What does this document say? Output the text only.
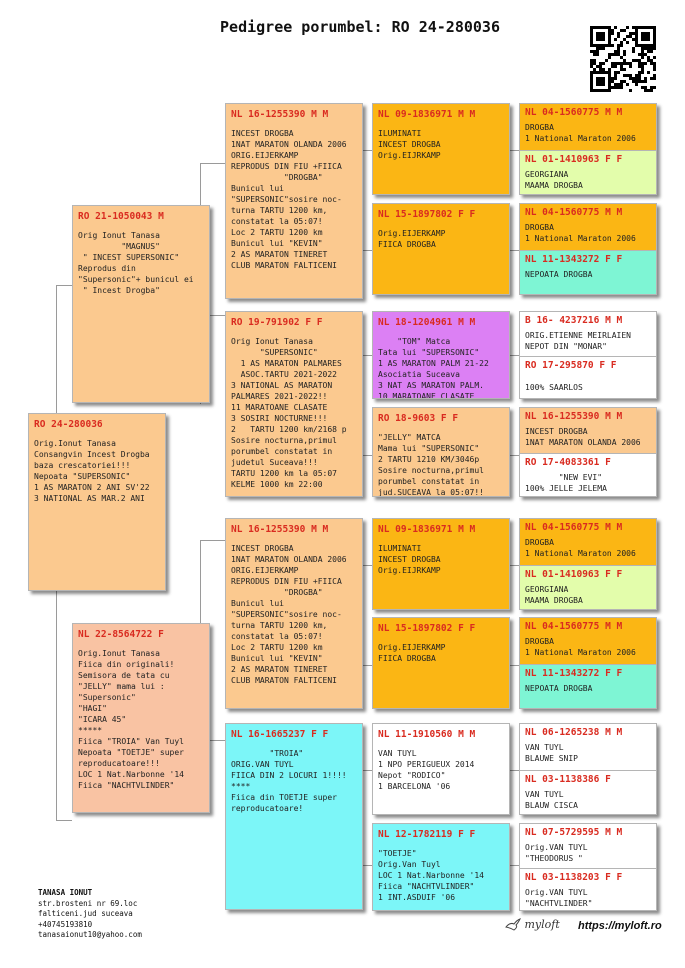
Pedigree porumbel: RO 24-280036
RO 24-280036
Orig.Ionut Tanasa
Consangvin Incest Drogba
baza crescatoriei!!!
Nepoata "SUPERSONIC"
1 AS MARATON 2 ANI SV'22
3 NATIONAL AS MAR.2 ANI
RO 21-1050043 M
Orig Ionut Tanasa
"MAGNUS"
" INCEST SUPERSONIC"
Reprodus din
"Supersonic"+ bunicul ei
" Incest Drogba"
NL 22-8564722 F
Orig.Ionut Tanasa
Fiica din originali!
Semisora de tata cu
"JELLY" mama lui :
"Supersonic"
"HAGI"
"ICARA 45"
*****
Fiica "TROIA" Van Tuyl
Nepoata "TOETJE" super
reproducatoare!!!
LOC 1 Nat.Narbonne '14
Fiica "NACHTVLINDER"
NL 16-1255390 M M
INCEST DROGBA
1NAT MARATON OLANDA 2006
ORIG.EIJERKAMP
REPRODUS DIN FIU +FIICA
"DROGBA"
Bunicul lui
"SUPERSONIC"sosire noc-
turna TARTU 1200 km,
constatat la 05:07!
Loc 2 TARTU 1200 km
Bunicul lui "KEVIN"
2 AS MARATON TINERET
CLUB MARATON FALTICENI
RO 19-791902 F F
Orig Ionut Tanasa
"SUPERSONIC"
1 AS MARATON PALMARES
ASOC.TARTU 2021-2022
3 NATIONAL AS MARATON
PALMARES 2021-2022!!
11 MARATOANE CLASATE
3 SOSIRI NOCTURNE!!!
2   TARTU 1200 km/2168 p
Sosire nocturna,primul
porumbel constatat in
judetul Suceava!!!
TARTU 1200 km la 05:07
KELME 1000 km 22:00
NL 16-1255390 M M
INCEST DROGBA
1NAT MARATON OLANDA 2006
ORIG.EIJERKAMP
REPRODUS DIN FIU +FIICA
"DROGBA"
Bunicul lui
"SUPERSONIC"sosire noc-
turna TARTU 1200 km,
constatat la 05:07!
Loc 2 TARTU 1200 km
Bunicul lui "KEVIN"
2 AS MARATON TINERET
CLUB MARATON FALTICENI
NL 16-1665237 F F
"TROIA"
ORIG.VAN TUYL
FIICA DIN 2 LOCURI 1!!!!
****
Fiica din TOETJE super
reproducatoare!
NL 09-1836971 M M
ILUMINATI
INCEST DROGBA
Orig.EIJRKAMP
NL 15-1897802 F F
Orig.EIJERKAMP
FIICA DROGBA
NL 18-1204961 M M
"TOM" Matca
Tata lui "SUPERSONIC"
1 AS MARATON PALM 21-22
Asociatia Suceava
3 NAT AS MARATON PALM.
10 MARATOANE CLASATE
RO 18-9603 F F
"JELLY" MATCA
Mama lui "SUPERSONIC"
2 TARTU 1210 KM/3046p
Sosire nocturna,primul
porumbel constatat in
jud.SUCEAVA la 05:07!!
NL 09-1836971 M M
ILUMINATI
INCEST DROGBA
Orig.EIJRKAMP
NL 15-1897802 F F
Orig.EIJERKAMP
FIICA DROGBA
NL 11-1910560 M M
VAN TUYL
1 NPO PERIGUEUX 2014
Nepot "RODICO"
1 BARCELONA '06
NL 12-1782119 F F
"TOETJE"
Orig.Van Tuyl
LOC 1 Nat.Narbonne '14
Fiica "NACHTVLINDER"
1 INT.ASDUIF '06
NL 04-1560775 M M
DROGBA
1 National Maraton 2006
NL 01-1410963 F F
GEORGIANA
MAAMA DROGBA
NL 04-1560775 M M
DROGBA
1 National Maraton 2006
NL 11-1343272 F F
NEPOATA DROGBA
B 16- 4237216 M M
ORIG.ETIENNE MEIRLAIEN
NEPOT DIN "MONAR"
RO 17-295870 F F
100% SAARLOS
NL 16-1255390 M M
INCEST DROGBA
1NAT MARATON OLANDA 2006
RO 17-4083361 F
"NEW EVI"
100% JELLE JELEMA
NL 04-1560775 M M
DROGBA
1 National Maraton 2006
NL 01-1410963 F F
GEORGIANA
MAAMA DROGBA
NL 04-1560775 M M
DROGBA
1 National Maraton 2006
NL 11-1343272 F F
NEPOATA DROGBA
NL 06-1265238 M M
VAN TUYL
BLAUWE SNIP
NL 03-1138386 F
VAN TUYL
BLAUW CISCA
NL 07-5729595 M M
Orig.VAN TUYL
"THEODORUS "
NL 03-1138203 F F
Orig.VAN TUYL
"NACHTVLINDER"
TANASA IONUT
str.brosteni nr 69.loc
falticeni.jud suceava
+40745193810
tanasaionut10@yahoo.com
myloft https://myloft.ro
